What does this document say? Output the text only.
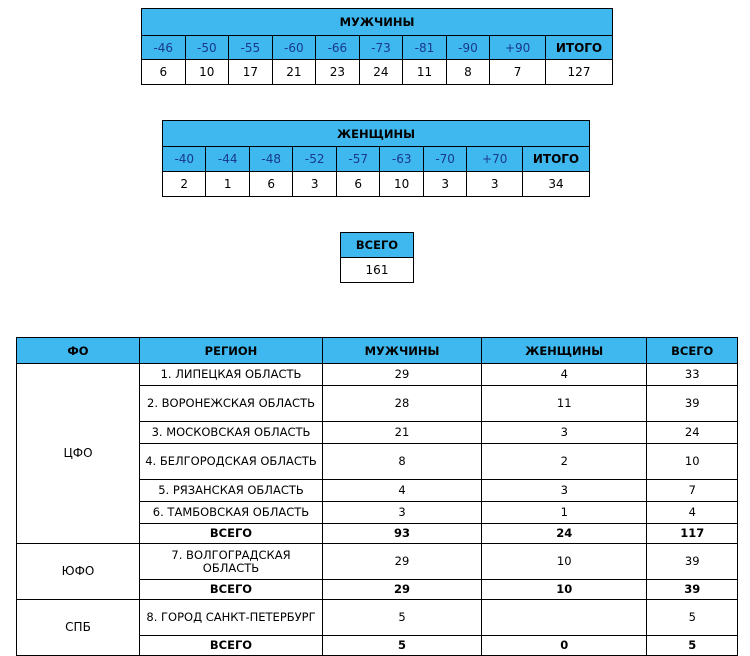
МУЖЧИНЫ									
-46	-50	-55	-60	-66	-73	-81	-90	+90	ИТОГО
6	10	17	21	23	24	11	8	7	127
ЖЕНЩИНЫ								
-40	-44	-48	-52	-57	-63	-70	+70	ИТОГО
2	1	6	3	6	10	3	3	34
ВСЕГО
161
ФО	РЕГИОН	МУЖЧИНЫ	ЖЕНЩИНЫ	ВСЕГО
ЦФО	1. ЛИПЕЦКАЯ ОБЛАСТЬ	29	4	33
	2. ВОРОНЕЖСКАЯ ОБЛАСТЬ	28	11	39
	3. МОСКОВСКАЯ ОБЛАСТЬ	21	3	24
	4. БЕЛГОРОДСКАЯ ОБЛАСТЬ	8	2	10
	5. РЯЗАНСКАЯ ОБЛАСТЬ	4	3	7
	6. ТАМБОВСКАЯ ОБЛАСТЬ	3	1	4
	ВСЕГО	93	24	117
ЮФО	7. ВОЛГОГРАДСКАЯ ОБЛАСТЬ	29	10	39
	ВСЕГО	29	10	39
СПБ	8. ГОРОД САНКТ-ПЕТЕРБУРГ	5		5
	ВСЕГО	5	0	5
